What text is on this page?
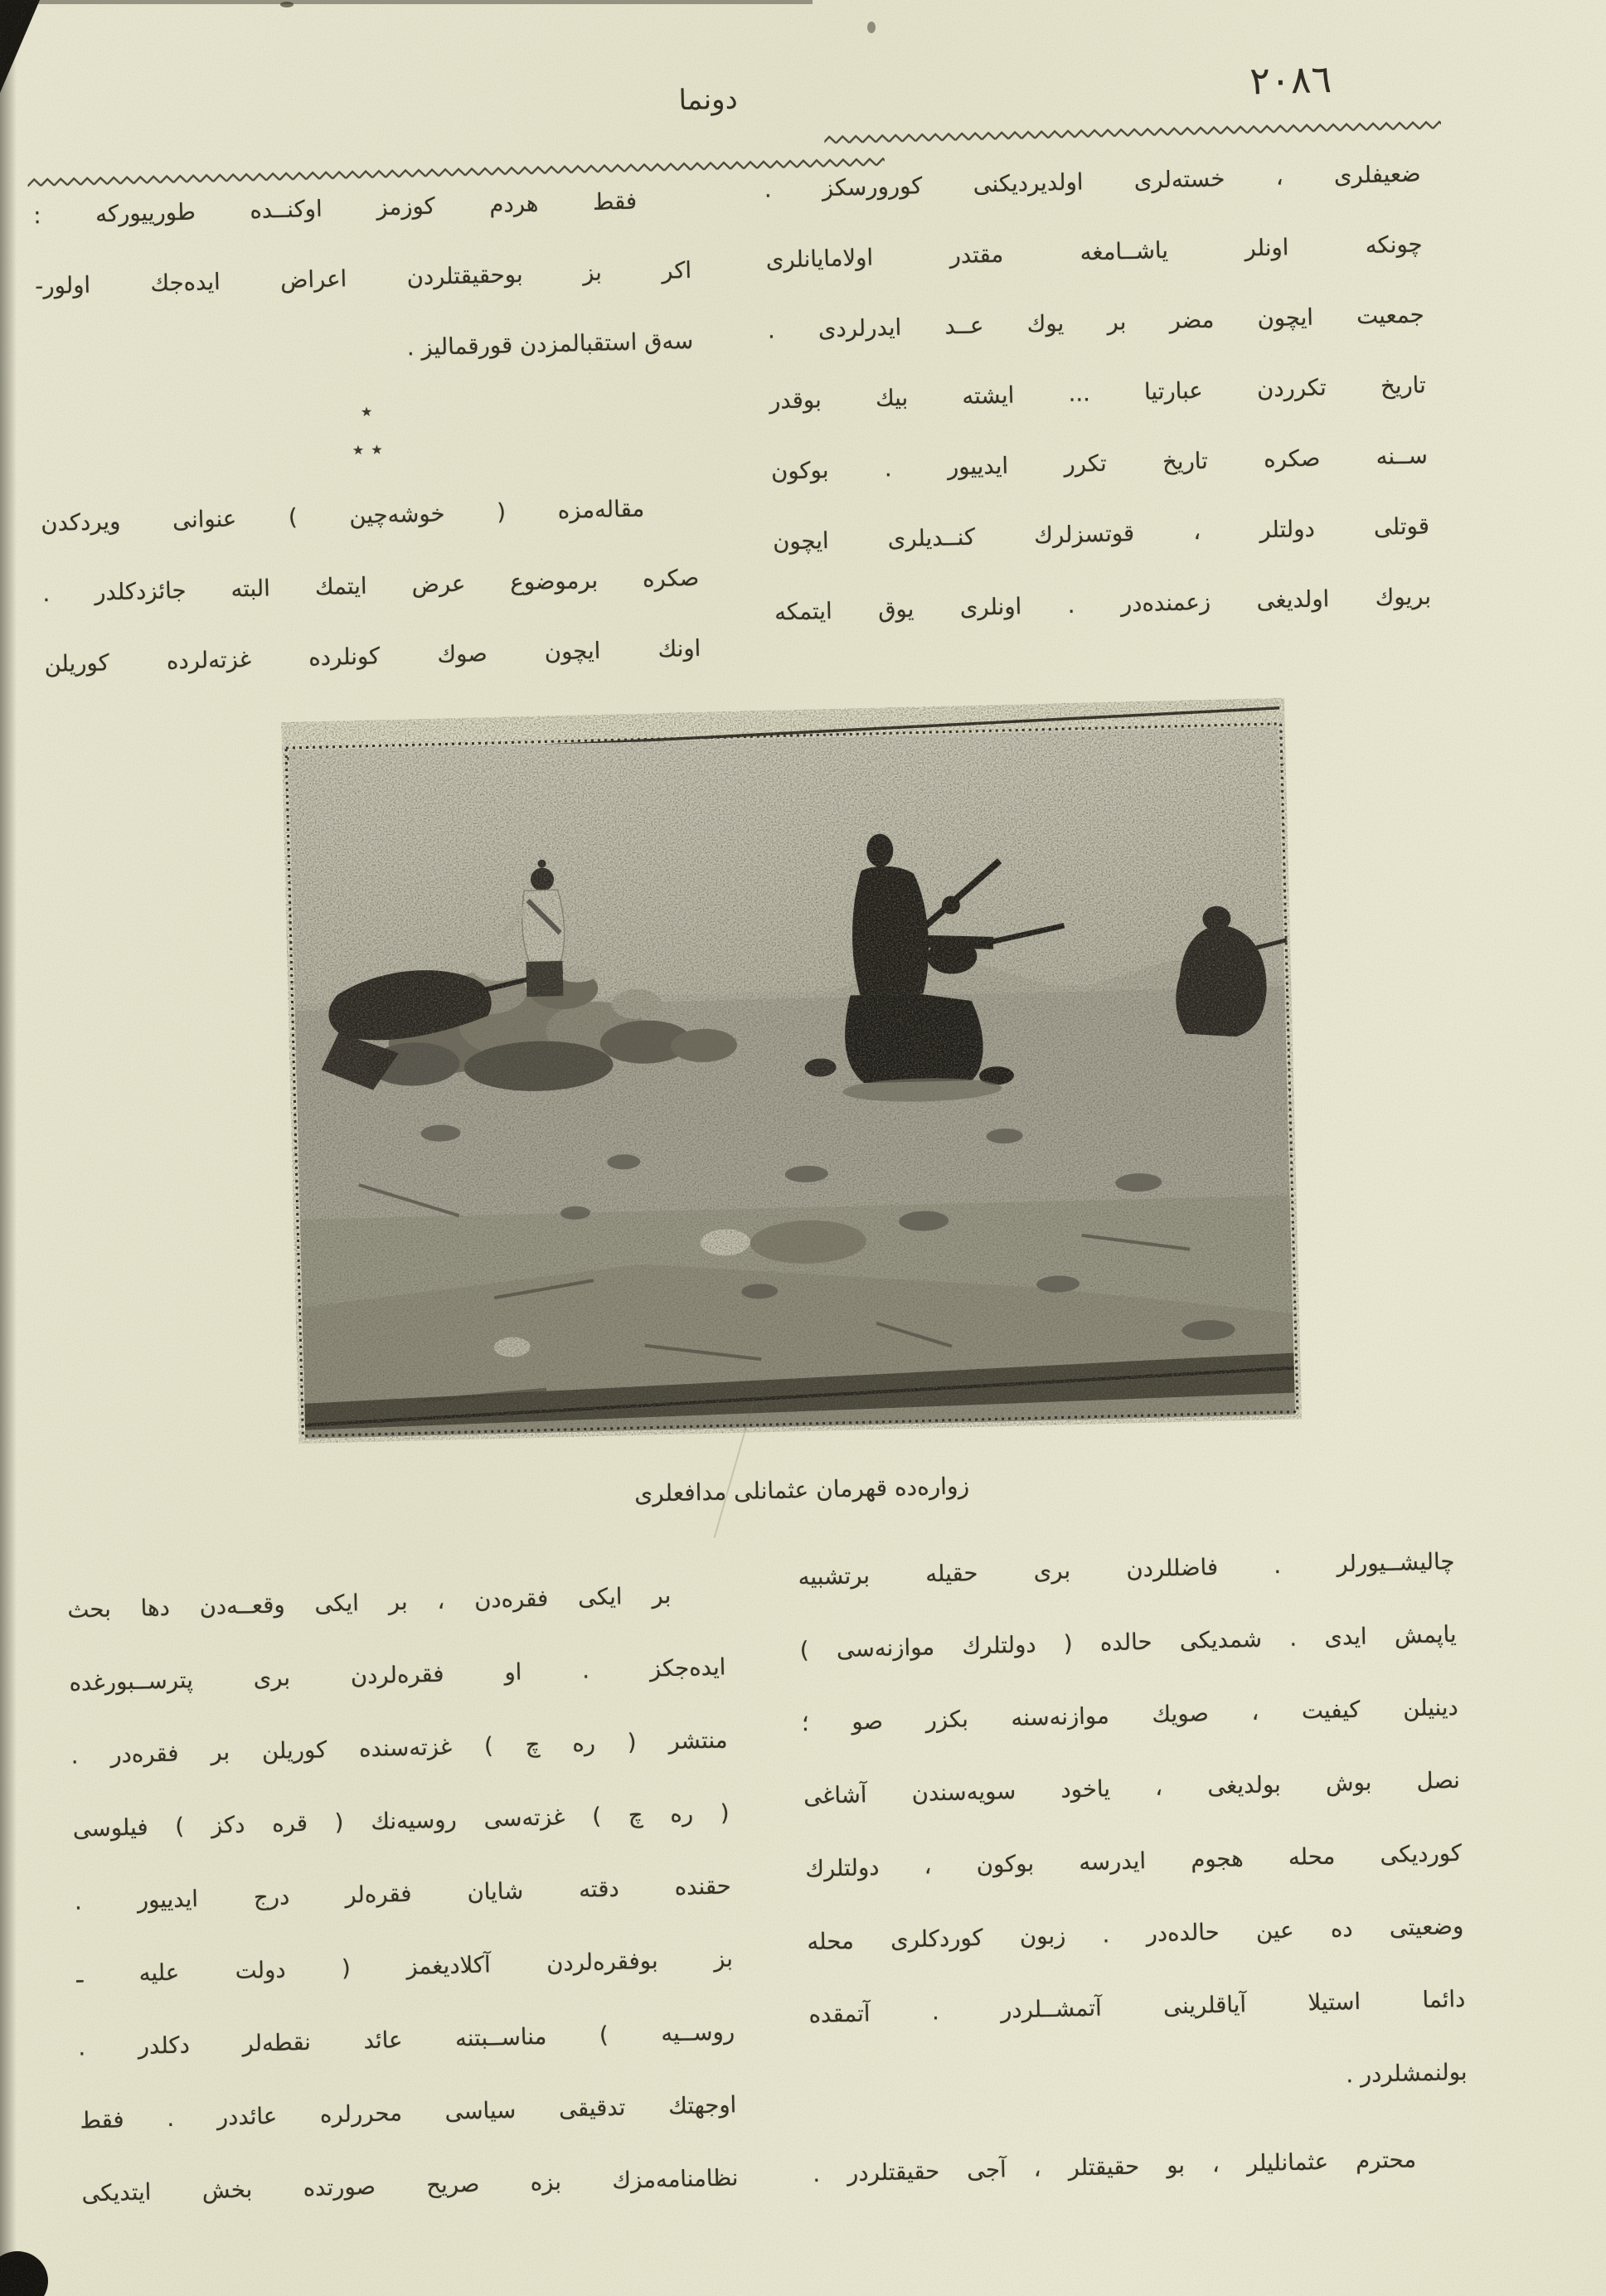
٢٠٨٦
دونما
ضعيفلرى ، خسته‌لرى اولديرديكنى كورورسكز .
چونكه اونلر ياشــامغه مقتدر اولامايانلرى
جمعيت ايچون مضر بر يوك عــد ايدرلردى .
تاريخ تكرردن عبارتيا ... ايشته بيك بوقدر
ســنه صكره تاريخ تكرر ايدييور . بوكون
قوتلى دولتلر ، قوتسزلرك كنــديلرى ايچون
بريوك اولديغى زعمنده‌در . اونلرى يوق ايتمكه
فقط هردم كوزمز اوكنــده طورييوركه :
اكر بز بوحقيقتلردن اعراض ايده‌جك اولور-
سه‌ق استقبالمزدن قورقماليز .
٭
٭ ٭
مقاله‌مزه ( خوشه‌چين ) عنوانى ويردكدن
صكره برموضوع عرض ايتمك البته جائزدكلدر .
اونك ايچون صوك كونلرده غزته‌لرده كوريلن
زواره‌ده قهرمان عثمانلى مدافعلرى
بر ايكى فقره‌دن ، بر ايكى وقعــه‌دن دها بحث
ايده‌جكز . او فقره‌لردن برى پترســبورغده
منتشر ( ره چ ) غزته‌سنده كوريلن بر فقره‌در .
( ره چ ) غزته‌سى روسيه‌نك ( قره دكز ) فيلوسى
حقنده دقته شايان فقره‌لر درج ايدييور .
بز بوفقره‌لردن آكلاديغمز ( دولت عليه ـ
روســيه ) مناســبتنه عائد نقطه‌لر دكلدر .
اوجهتك تدقيقى سياسى محررلره عائددر . فقط
نظامنامه‌مزك بزه صريح صورتده بخش ايتديكى
چاليشــيورلر . فاضللردن برى حقيله برتشبيه
ياپمش ايدى . شمديكى حالده ( دولتلرك موازنه‌سى )
دينيلن كيفيت ، صويك موازنه‌سنه بكزر صو ؛
نصل بوش بولديغى ، ياخود سويه‌سندن آشاغى
كورديكى محله هجوم ايدرسه بوكون ، دولتلرك
وضعيتى ده عين حالده‌در . زبون كوردكلرى محله
دائما استيلا آياقلرينى آتمشــلردر . آتمقده
بولنمشلردر .
محترم عثمانليلر ، بو حقيقتلر ، آجى حقيقتلردر .
